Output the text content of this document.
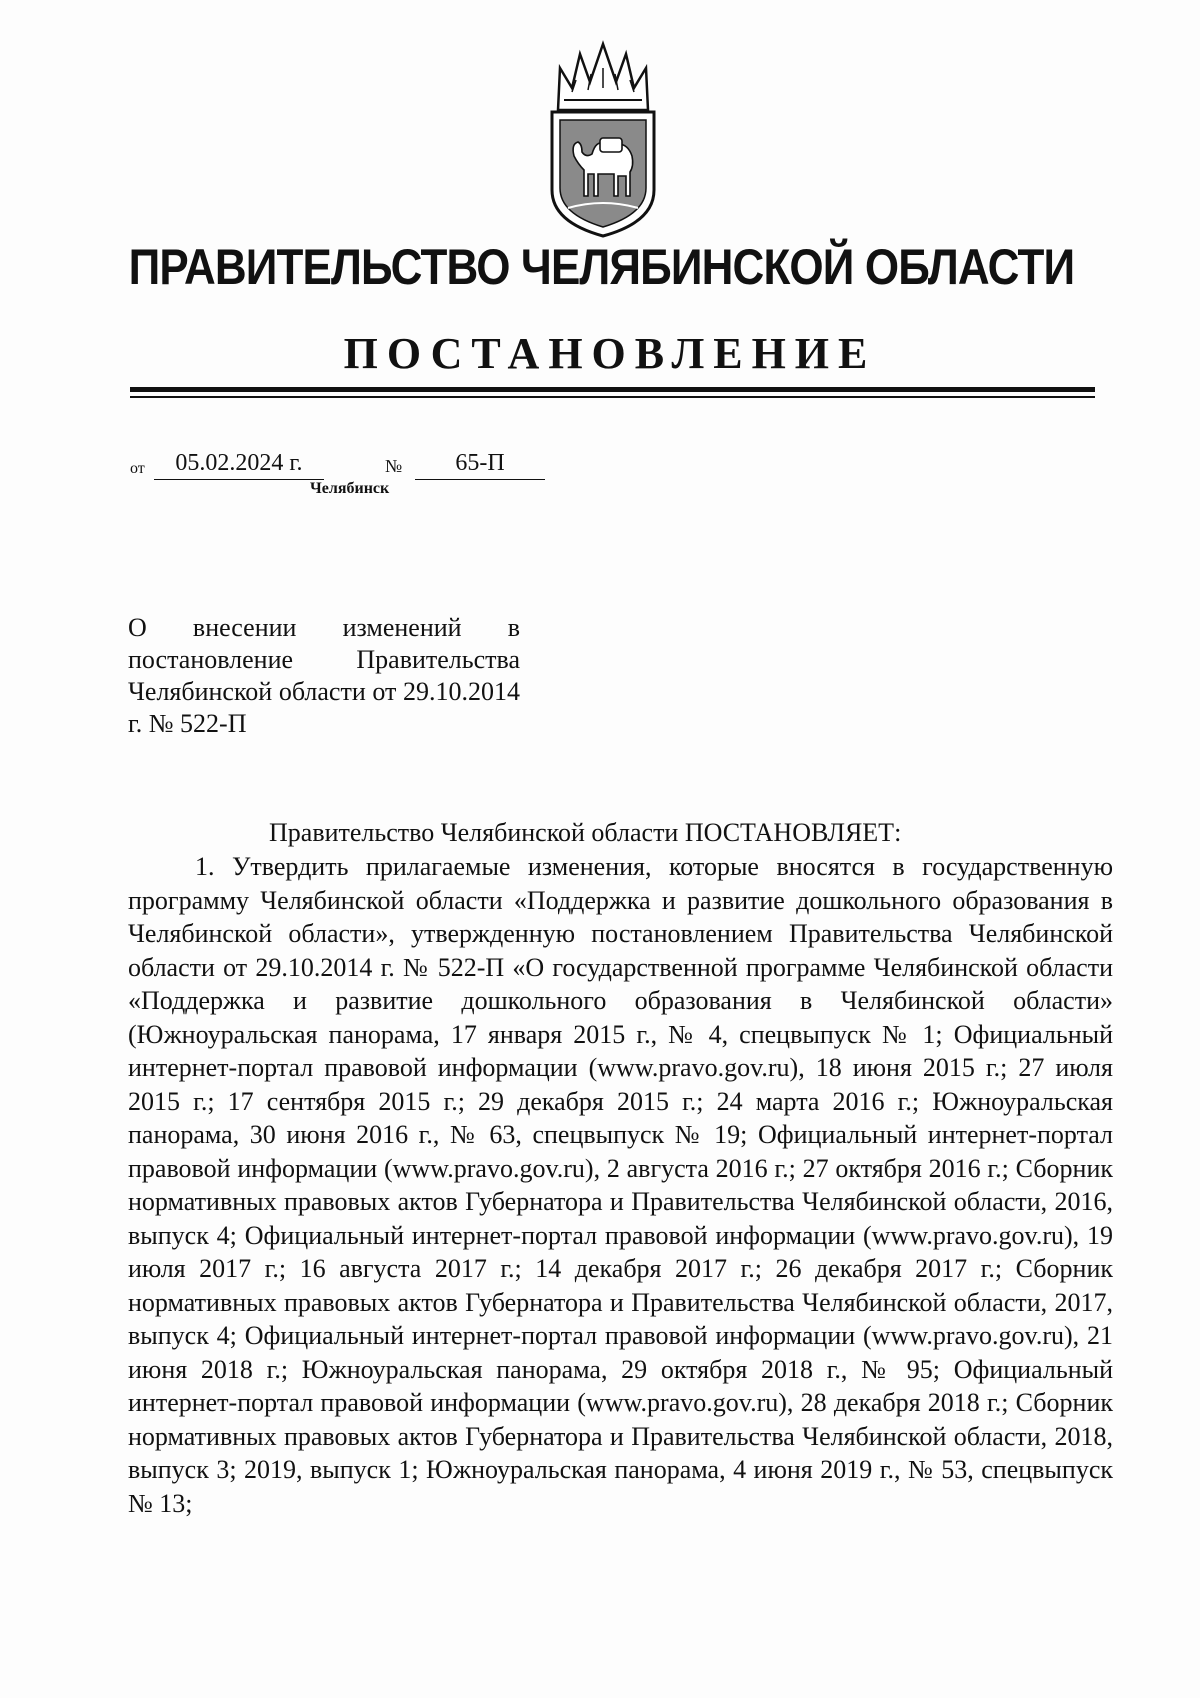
ПРАВИТЕЛЬСТВО ЧЕЛЯБИНСКОЙ ОБЛАСТИ
ПОСТАНОВЛЕНИЕ
от	05.02.2024 г.	№	65-П
Челябинск
О внесении изменений в постановление Правительства Челябинской области от 29.10.2014 г. № 522-П
Правительство Челябинской области ПОСТАНОВЛЯЕТ:

1. Утвердить прилагаемые изменения, которые вносятся в государственную программу Челябинской области «Поддержка и развитие дошкольного образования в Челябинской области», утвержденную постановлением Правительства Челябинской области от 29.10.2014 г. № 522-П «О государственной программе Челябинской области «Поддержка и развитие дошкольного образования в Челябинской области» (Южноуральская панорама, 17 января 2015 г., № 4, спецвыпуск № 1; Официальный интернет-портал правовой информации (www.pravo.gov.ru), 18 июня 2015 г.; 27 июля 2015 г.; 17 сентября 2015 г.; 29 декабря 2015 г.; 24 марта 2016 г.; Южноуральская панорама, 30 июня 2016 г., № 63, спецвыпуск № 19; Официальный интернет-портал правовой информации (www.pravo.gov.ru), 2 августа 2016 г.; 27 октября 2016 г.; Сборник нормативных правовых актов Губернатора и Правительства Челябинской области, 2016, выпуск 4; Официальный интернет-портал правовой информации (www.pravo.gov.ru), 19 июля 2017 г.; 16 августа 2017 г.; 14 декабря 2017 г.; 26 декабря 2017 г.; Сборник нормативных правовых актов Губернатора и Правительства Челябинской области, 2017, выпуск 4; Официальный интернет-портал правовой информации (www.pravo.gov.ru), 21 июня 2018 г.; Южноуральская панорама, 29 октября 2018 г., № 95; Официальный интернет-портал правовой информации (www.pravo.gov.ru), 28 декабря 2018 г.; Сборник нормативных правовых актов Губернатора и Правительства Челябинской области, 2018, выпуск 3; 2019, выпуск 1; Южноуральская панорама, 4 июня 2019 г., № 53, спецвыпуск № 13;
